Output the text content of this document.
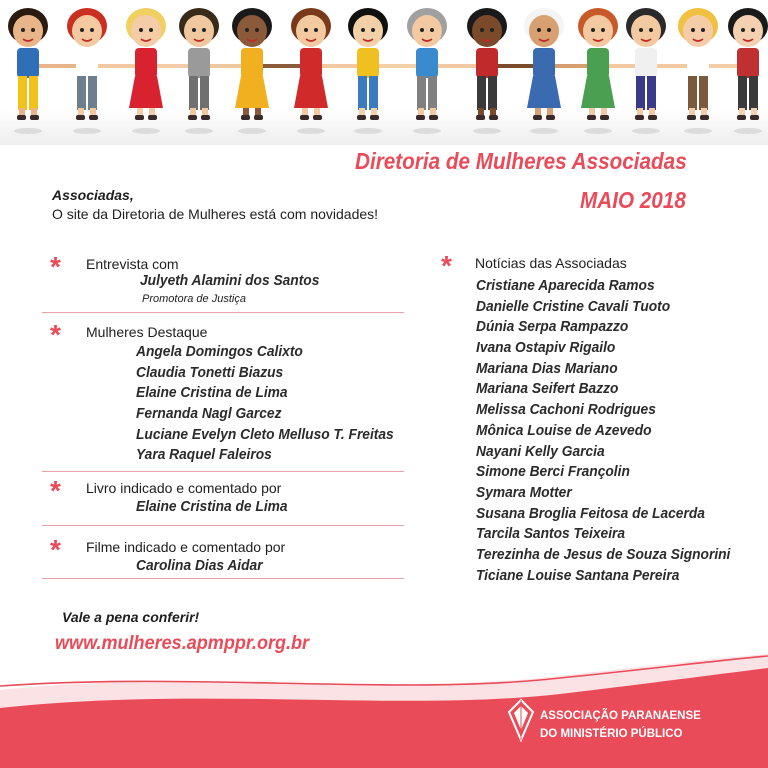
Diretoria de Mulheres Associadas
MAIO 2018
Associadas,
O site da Diretoria de Mulheres está com novidades!
* Entrevista com
Julyeth Alamini dos Santos
Promotora de Justiça
* Mulheres Destaque
Angela Domingos Calixto
Claudia Tonetti Biazus
Elaine Cristina de Lima
Fernanda Nagl Garcez
Luciane Evelyn Cleto Melluso T. Freitas
Yara Raquel Faleiros
* Livro indicado e comentado por
Elaine Cristina de Lima
* Filme indicado e comentado por
Carolina Dias Aidar
* Notícias das Associadas
Cristiane Aparecida Ramos
Danielle Cristine Cavali Tuoto
Dúnia Serpa Rampazzo
Ivana Ostapiv Rigailo
Mariana Dias Mariano
Mariana Seifert Bazzo
Melissa Cachoni Rodrigues
Mônica Louise de Azevedo
Nayani Kelly Garcia
Simone Berci Françolin
Symara Motter
Susana Broglia Feitosa de Lacerda
Tarcila Santos Teixeira
Terezinha de Jesus de Souza Signorini
Ticiane Louise Santana Pereira
Vale a pena conferir!
www.mulheres.apmppr.org.br
ASSOCIAÇÃO PARANAENSE
DO MINISTÉRIO PÚBLICO
